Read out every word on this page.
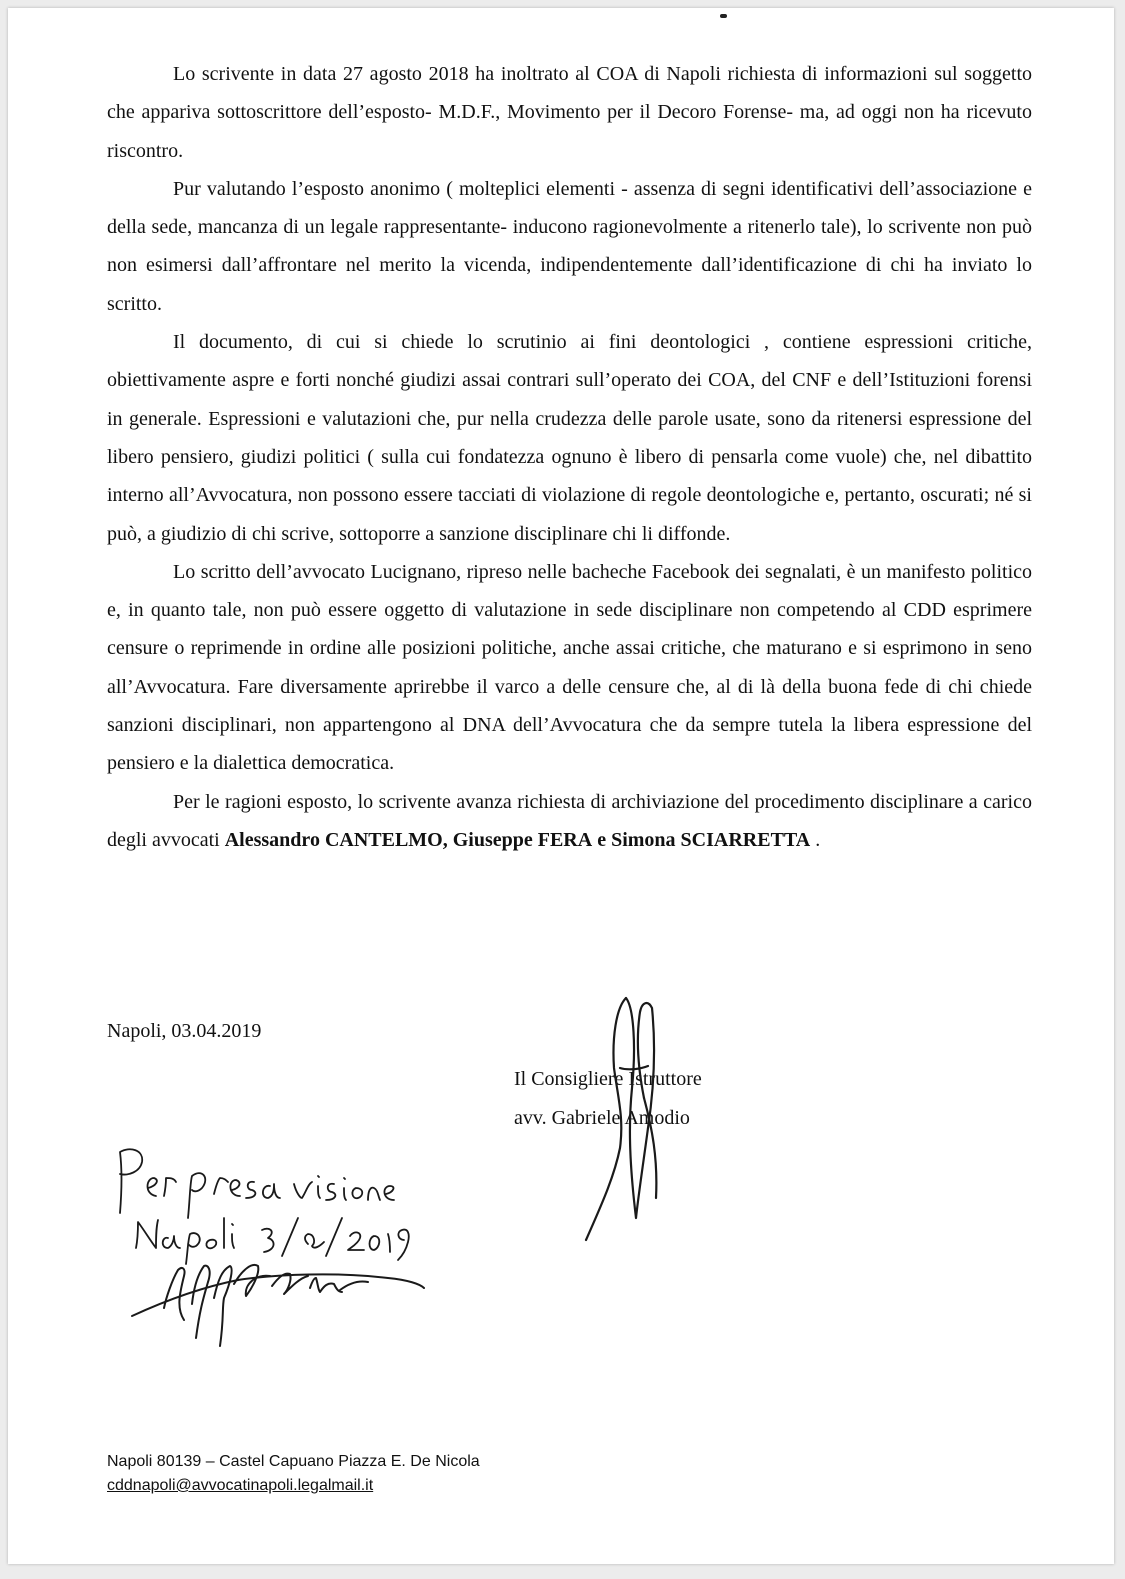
Lo scrivente in data 27 agosto 2018 ha inoltrato al COA di Napoli richiesta di informazioni sul soggetto che appariva sottoscrittore dell’esposto- M.D.F., Movimento per il Decoro Forense- ma, ad oggi non ha ricevuto riscontro.

Pur valutando l’esposto anonimo ( molteplici elementi - assenza di segni identificativi dell’associazione e della sede, mancanza di un legale rappresentante- inducono ragionevolmente a ritenerlo tale), lo scrivente non può non esimersi dall’affrontare nel merito la vicenda, indipendentemente dall’identificazione di chi ha inviato lo scritto.

Il documento, di cui si chiede lo scrutinio ai fini deontologici , contiene espressioni critiche, obiettivamente aspre e forti nonché giudizi assai contrari sull’operato dei COA, del CNF e dell’Istituzioni forensi in generale. Espressioni e valutazioni che, pur nella crudezza delle parole usate, sono da ritenersi espressione del libero pensiero, giudizi politici ( sulla cui fondatezza ognuno è libero di pensarla come vuole) che, nel dibattito interno all’Avvocatura, non possono essere tacciati di violazione di regole deontologiche e, pertanto, oscurati; né si può, a giudizio di chi scrive, sottoporre a sanzione disciplinare chi li diffonde.

Lo scritto dell’avvocato Lucignano, ripreso nelle bacheche Facebook dei segnalati, è un manifesto politico e, in quanto tale, non può essere oggetto di valutazione in sede disciplinare non competendo al CDD esprimere censure o reprimende in ordine alle posizioni politiche, anche assai critiche, che maturano e si esprimono in seno all’Avvocatura. Fare diversamente aprirebbe il varco a delle censure che, al di là della buona fede di chi chiede sanzioni disciplinari, non appartengono al DNA dell’Avvocatura che da sempre tutela la libera espressione del pensiero e la dialettica democratica.

Per le ragioni esposto, lo scrivente avanza richiesta di archiviazione del procedimento disciplinare a carico degli avvocati Alessandro CANTELMO, Giuseppe FERA e Simona SCIARRETTA .

Napoli, 03.04.2019
Il Consigliere Istruttore
avv. Gabriele Amodio
Napoli 80139 – Castel Capuano Piazza E. De Nicola
cddnapoli@avvocatinapoli.legalmail.it
